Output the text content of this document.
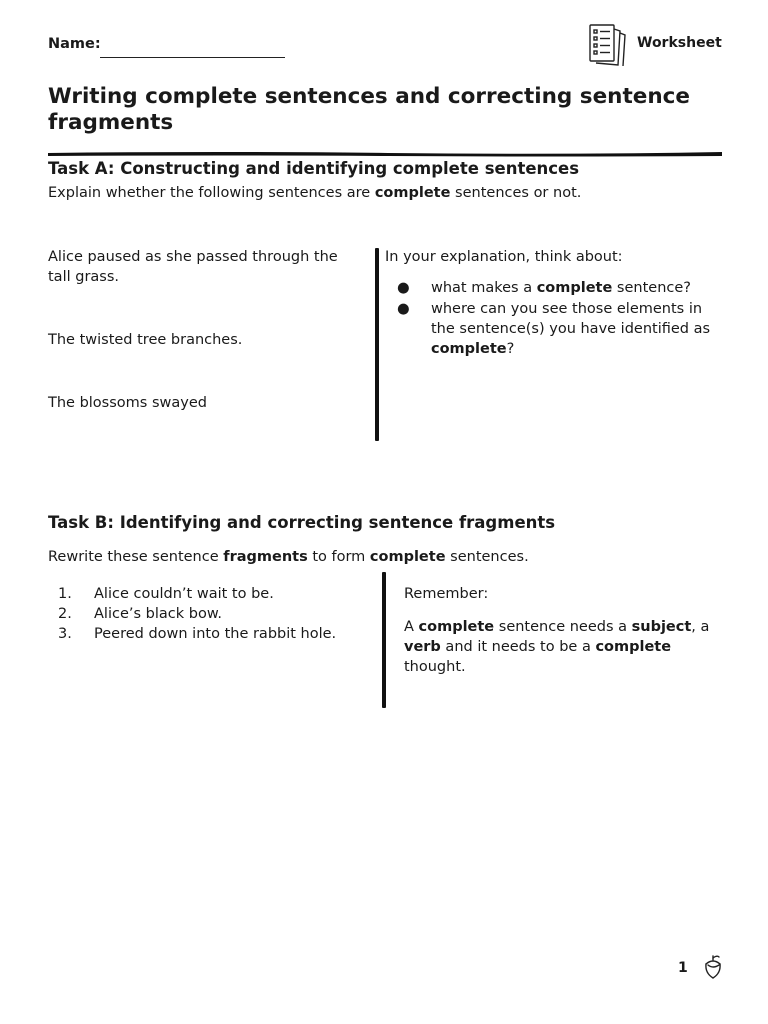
Name:	Worksheet
Writing complete sentences and correcting sentence fragments
Task A: Constructing and identifying complete sentences
Explain whether the following sentences are complete sentences or not.
Alice paused as she passed through the tall grass.
The twisted tree branches.
The blossoms swayed
In your explanation, think about:
● what makes a complete sentence?
● where can you see those elements in the sentence(s) you have identified as complete?
Task B: Identifying and correcting sentence fragments
Rewrite these sentence fragments to form complete sentences.
1. Alice couldn’t wait to be.
2. Alice’s black bow.
3. Peered down into the rabbit hole.
Remember:
A complete sentence needs a subject, a verb and it needs to be a complete thought.
1
